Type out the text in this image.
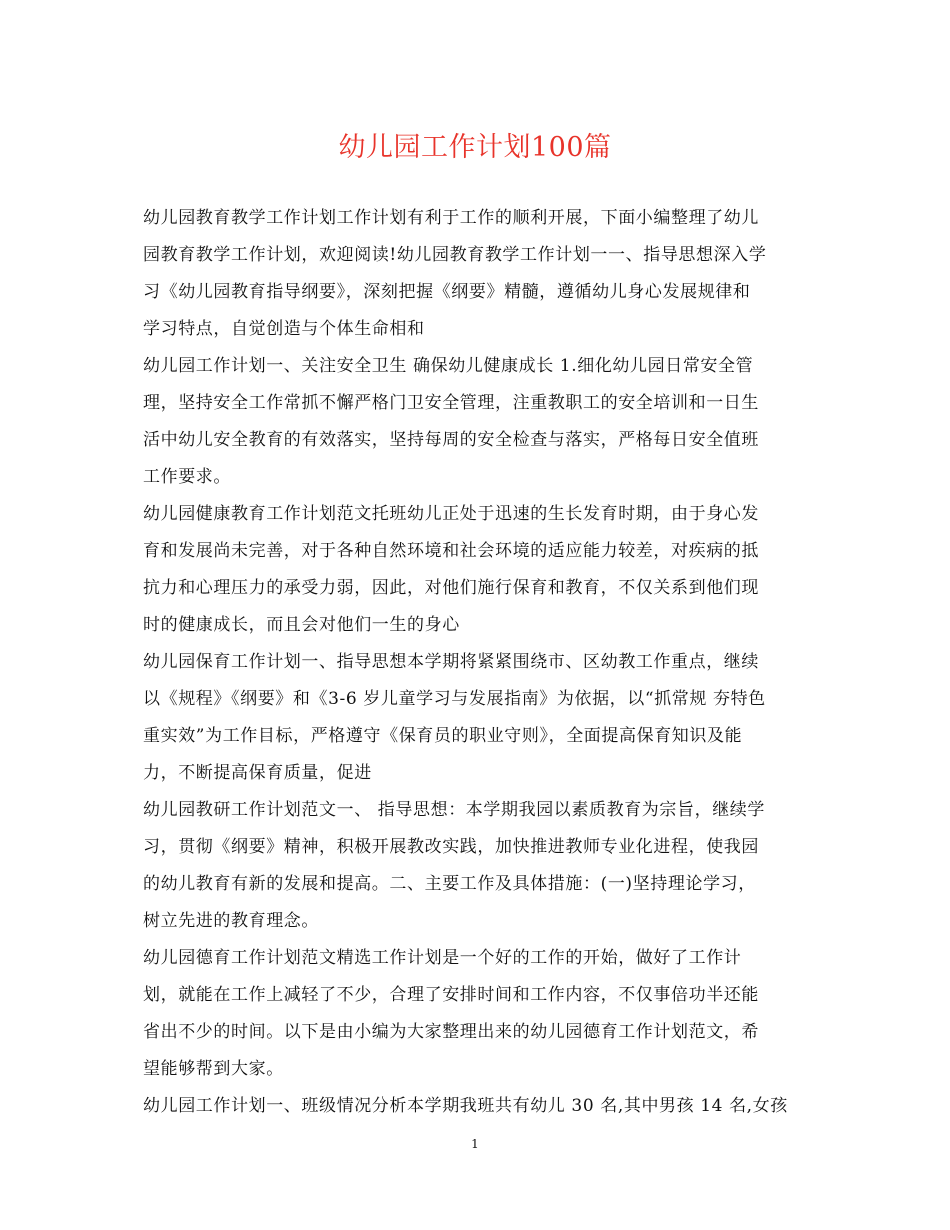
幼儿园工作计划100篇

幼儿园教育教学工作计划工作计划有利于工作的顺利开展，下面小编整理了幼儿
园教育教学工作计划，欢迎阅读!幼儿园教育教学工作计划一一、指导思想深入学
习《幼儿园教育指导纲要》，深刻把握《纲要》精髓，遵循幼儿身心发展规律和
学习特点，自觉创造与个体生命相和

幼儿园工作计划一、关注安全卫生 确保幼儿健康成长 1.细化幼儿园日常安全管
理，坚持安全工作常抓不懈严格门卫安全管理，注重教职工的安全培训和一日生
活中幼儿安全教育的有效落实，坚持每周的安全检查与落实，严格每日安全值班
工作要求。

幼儿园健康教育工作计划范文托班幼儿正处于迅速的生长发育时期，由于身心发
育和发展尚未完善，对于各种自然环境和社会环境的适应能力较差，对疾病的抵
抗力和心理压力的承受力弱，因此，对他们施行保育和教育，不仅关系到他们现
时的健康成长，而且会对他们一生的身心

幼儿园保育工作计划一、指导思想本学期将紧紧围绕市、区幼教工作重点，继续
以《规程》《纲要》和《3-6 岁儿童学习与发展指南》为依据，以“抓常规 夯特色
重实效”为工作目标，严格遵守《保育员的职业守则》，全面提高保育知识及能
力，不断提高保育质量，促进

幼儿园教研工作计划范文一、 指导思想：本学期我园以素质教育为宗旨，继续学
习，贯彻《纲要》精神，积极开展教改实践，加快推进教师专业化进程，使我园
的幼儿教育有新的发展和提高。二、主要工作及具体措施：(一)坚持理论学习，
树立先进的教育理念。

幼儿园德育工作计划范文精选工作计划是一个好的工作的开始，做好了工作计
划，就能在工作上减轻了不少，合理了安排时间和工作内容，不仅事倍功半还能
省出不少的时间。以下是由小编为大家整理出来的幼儿园德育工作计划范文，希
望能够帮到大家。

幼儿园工作计划一、班级情况分析本学期我班共有幼儿 30 名,其中男孩 14 名,女孩

1
